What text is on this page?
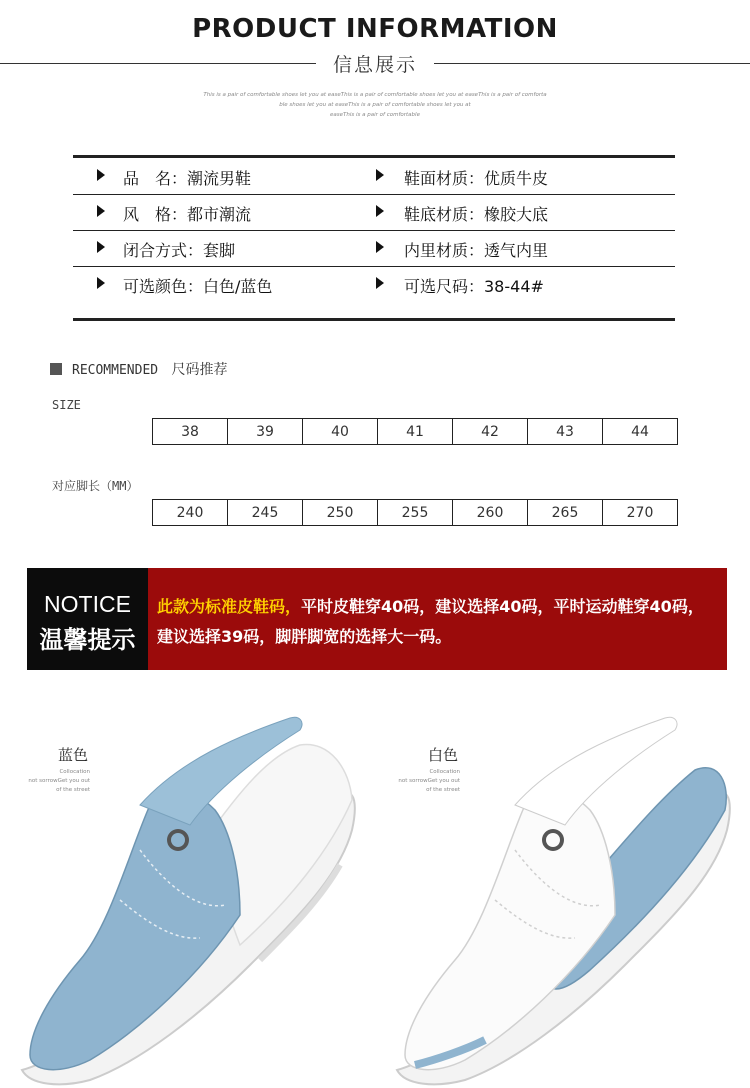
PRODUCT INFORMATION
信息展示
This is a pair of comfortable shoes let you at easeThis is a pair of comfortable shoes let you at easeThis is a pair of comforta
ble shoes let you at easeThis is a pair of comfortable shoes let you at
easeThis is a pair of comfortable
品　名：潮流男鞋	鞋面材质：优质牛皮
风　格：都市潮流	鞋底材质：橡胶大底
闭合方式：套脚	内里材质：透气内里
可选颜色：白色/蓝色	可选尺码：38-44#
RECOMMENDED 尺码推荐
SIZE
38	39	40	41	42	43	44
对应脚长（MM）
240	245	250	255	260	265	270
NOTICE
温馨提示
此款为标准皮鞋码，平时皮鞋穿40码，建议选择40码，平时运动鞋穿40码，建议选择39码，脚胖脚宽的选择大一码。
蓝色
Collocation
not sorrowGet you out
of the street
白色
Collocation
not sorrowGet you out
of the street
